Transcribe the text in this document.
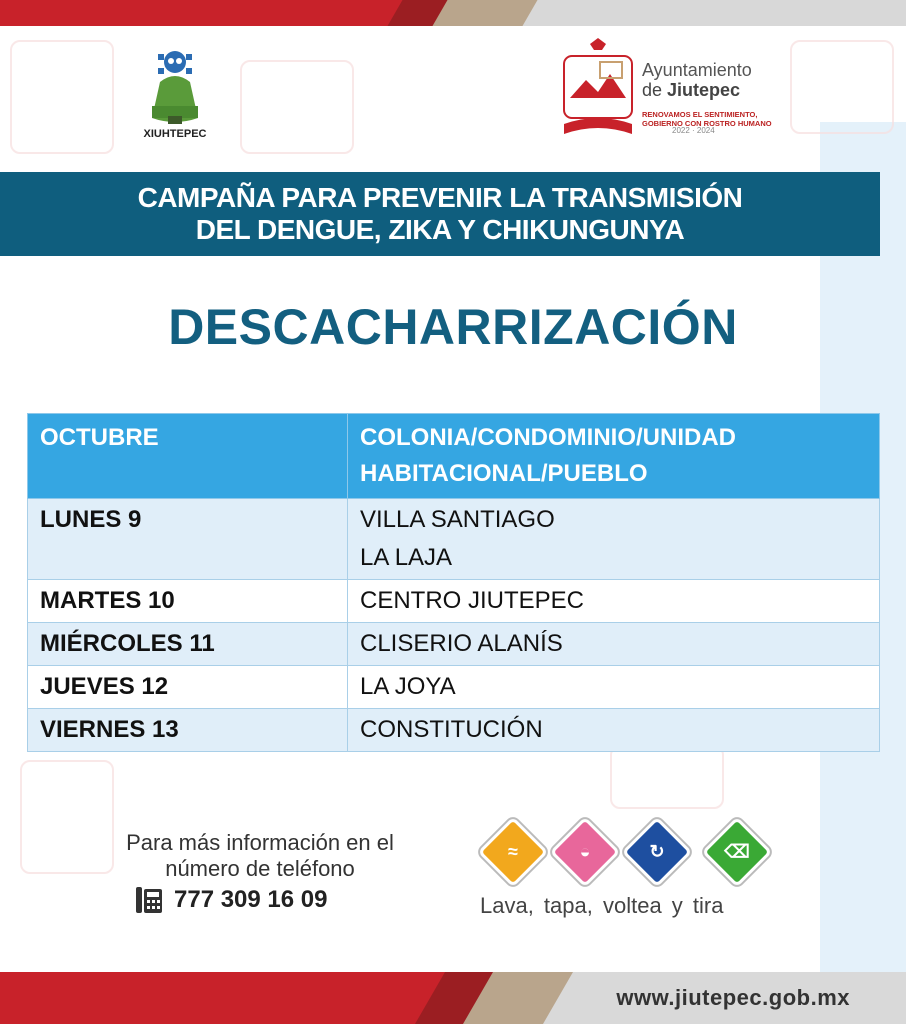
XIUHTEPEC
Ayuntamiento
de Jiutepec
RENOVAMOS EL SENTIMIENTO,
GOBIERNO CON ROSTRO HUMANO
2022 · 2024
CAMPAÑA PARA PREVENIR LA TRANSMISIÓN
DEL DENGUE, ZIKA Y CHIKUNGUNYA
DESCACHARRIZACIÓN
OCTUBRE	COLONIA/CONDOMINIO/UNIDAD
HABITACIONAL/PUEBLO

LUNES 9	VILLA SANTIAGO
LA LAJA

MARTES 10	CENTRO JIUTEPEC
MIÉRCOLES 11	CLISERIO ALANÍS
JUEVES 12	LA JOYA
VIERNES 13	CONSTITUCIÓN
Para más información en el
número de teléfono
777 309 16 09
≈	◒	↻	⌫
Lava, tapa, voltea y tira
www.jiutepec.gob.mx
